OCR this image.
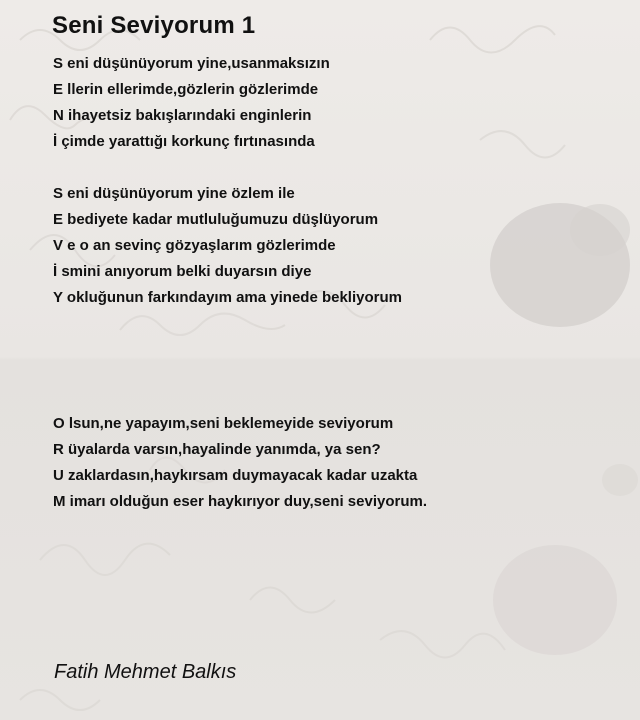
Seni Seviyorum 1
S eni düşünüyorum yine,usanmaksızın
E llerin ellerimde,gözlerin gözlerimde
N ihayetsiz bakışlarındaki enginlerin
İ çimde yarattığı korkunç fırtınasında
S eni düşünüyorum yine özlem ile
E bediyete kadar mutluluğumuzu düşlüyorum
V e o an sevinç gözyaşlarım gözlerimde
İ smini anıyorum belki duyarsın diye
Y okluğunun farkındayım ama yinede bekliyorum
O lsun,ne yapayım,seni beklemeyide seviyorum
R üyalarda varsın,hayalinde yanımda, ya sen?
U zaklardasın,haykırsam duymayacak kadar uzakta
M imarı olduğun eser haykırıyor duy,seni seviyorum.

Fatih Mehmet Balkıs
